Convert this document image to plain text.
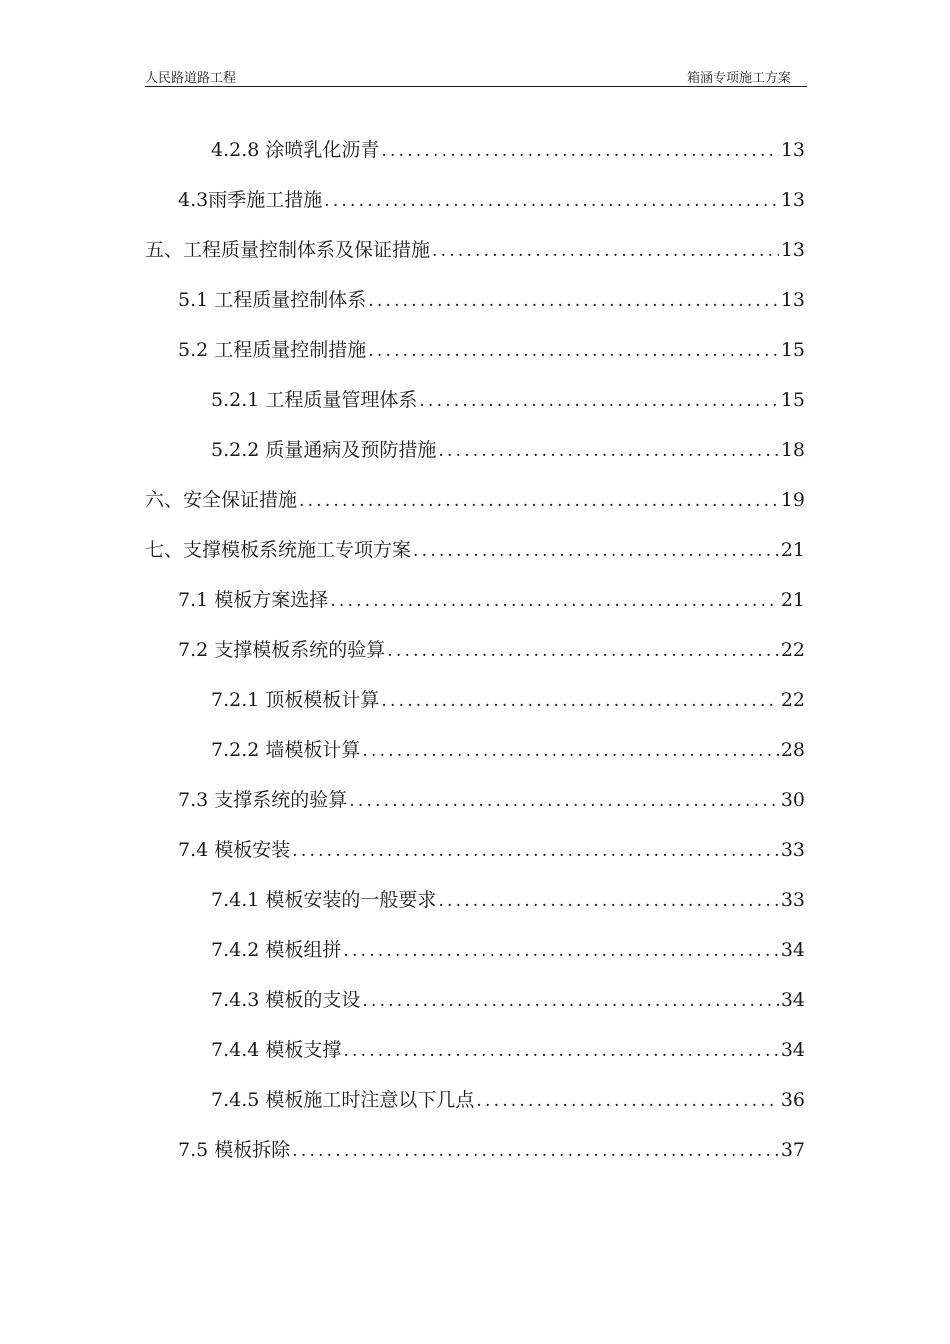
人民路道路工程	箱涵专项施工方案
4.2.8 涂喷乳化沥青 .....	13
4.3雨季施工措施 .....	13
五、工程质量控制体系及保证措施 .....	13
5.1 工程质量控制体系 .....	13
5.2 工程质量控制措施 .....	15
5.2.1 工程质量管理体系 .....	15
5.2.2 质量通病及预防措施 .....	18
六、安全保证措施 .....	19
七、支撑模板系统施工专项方案 .....	21
7.1 模板方案选择 .....	21
7.2 支撑模板系统的验算 .....	22
7.2.1 顶板模板计算 .....	22
7.2.2 墙模板计算 .....	28
7.3 支撑系统的验算 .....	30
7.4 模板安装 .....	33
7.4.1 模板安装的一般要求 .....	33
7.4.2 模板组拼 .....	34
7.4.3 模板的支设 .....	34
7.4.4 模板支撑 .....	34
7.4.5 模板施工时注意以下几点 .....	36
7.5 模板拆除 .....	37
